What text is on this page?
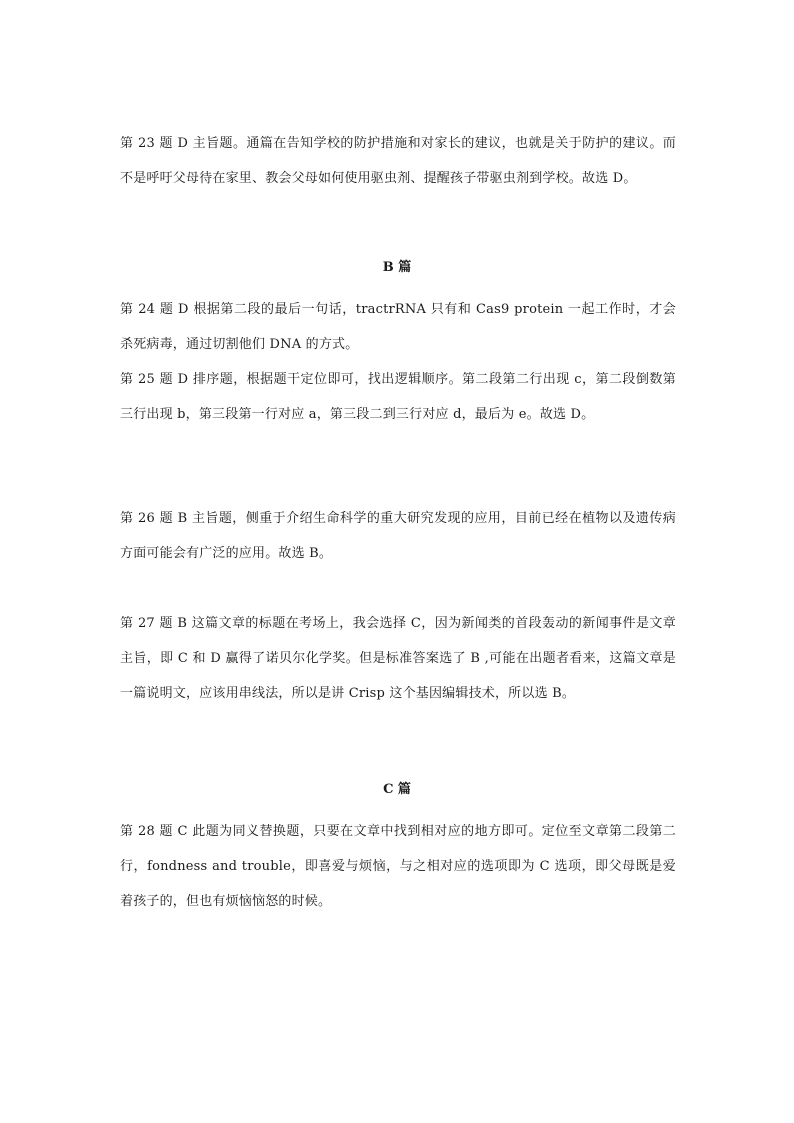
第 23 题 D 主旨题。通篇在告知学校的防护措施和对家长的建议，也就是关于防护的建议。而不是呼吁父母待在家里、教会父母如何使用驱虫剂、提醒孩子带驱虫剂到学校。故选 D。

B 篇

第 24 题 D 根据第二段的最后一句话，tractrRNA 只有和 Cas9 protein 一起工作时，才会杀死病毒，通过切割他们 DNA 的方式。

第 25 题 D 排序题，根据题干定位即可，找出逻辑顺序。第二段第二行出现 c，第二段倒数第三行出现 b，第三段第一行对应 a，第三段二到三行对应 d，最后为 e。故选 D。

第 26 题 B 主旨题，侧重于介绍生命科学的重大研究发现的应用，目前已经在植物以及遗传病方面可能会有广泛的应用。故选 B。

第 27 题 B 这篇文章的标题在考场上，我会选择 C，因为新闻类的首段轰动的新闻事件是文章主旨，即 C 和 D 赢得了诺贝尔化学奖。但是标准答案选了 B ,可能在出题者看来，这篇文章是一篇说明文，应该用串线法，所以是讲 Crisp 这个基因编辑技术，所以选 B。

C 篇

第 28 题 C 此题为同义替换题，只要在文章中找到相对应的地方即可。定位至文章第二段第二行，fondness and trouble，即喜爱与烦恼，与之相对应的选项即为 C 选项，即父母既是爱着孩子的，但也有烦恼恼怒的时候。
